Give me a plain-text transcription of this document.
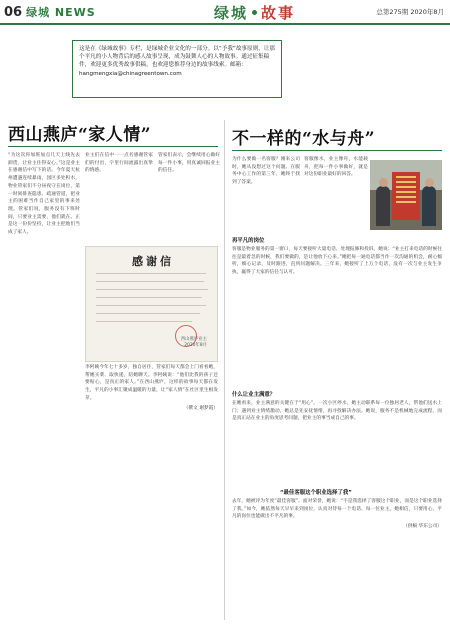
06 绿城 NEWS	绿城 故事	总第275期 2020年8月

这是在《绿城故事》专栏，是绿城企业文化的一部分。以“予我”故事原则，让那个平凡的小人物背后的感人故事呈现，成为鼓舞人心的人物故事。通过征集稿件，欢迎更多优秀故事供稿，也欢迎您推荐身边的故事线索。邮箱：hangmengxia@chinagreentown.com

西山燕庐“家人情”
“为这次你加班加点几天上线先去卸货，让业主住得安心。”这是业主在感谢信中写下的话。今年夏天杭州遭遇连续暴雨，园区多处积水，物业管家们不分昼夜守在岗位，第一时间排查隐患、疏通管道，把业主的困难当作自己家里的事来处理。管家们说，服务没有下班时间，只要业主需要，他们就在。正是这一份份坚持，让业主把他们当成了家人。
业主们在信中一一点名感谢管家们的付出，字里行间流露出真挚的情感。
管家们表示，会继续用心做好每一件小事，用真诚回报业主的信任。
感谢信
西山燕庐业主
2020年8月
李阿姨今年七十多岁，独自居住，管家们每天都会上门看看她，帮她买菜、取快递，陪她聊天。李阿姨说：“他们比我的孩子还要贴心，是真正的家人。”在西山燕庐，这样的故事每天都在发生，平凡的小事汇聚成温暖的力量，让“家人情”在社区里生根发芽。
（撰文 谢梦霞）
不一样的“水与舟”
为什么要做一名客服？刚来公司时，她从没想过这个问题。在服务中心工作的第三年，她终于找到了答案。
客服像水，业主像舟，水能载舟，把每一件小事做好，就是对这份职业最好的回答。
再平凡的岗位
客服是物业服务的第一窗口，每天要接听大量电话、处理报修和投诉。她说：“业主打来电话的时候往往是最着急的时候，我们要做的，是让他放下心来。”她把每一通电话都当作一次沟通的机会，耐心倾听，细心记录，及时跟进，直到问题解决。三年来，她接听了上万个电话，没有一次与业主发生争执，赢得了大家的信任与认可。
什么让业主满意？
在她看来，业主满意的关键在于“用心”。一次小区停水，她主动联系每一位独居老人，帮他们送水上门；遇到业主情绪激动，她总是先安抚情绪，再寻找解决办法。她说，服务不是机械地完成流程，而是真正站在业主的角度思考问题，把业主的事当成自己的事。
“最佳客服这个职业选择了我”
去年，她被评为年度“最佳客服”。面对荣誉，她说：“不是我选择了客服这个职业，而是这个职业选择了我。”如今，她依然每天早早来到岗位，认真对待每一个电话、每一位业主。她相信，只要用心，平凡的岗位也能做出不平凡的事。
（供稿 华东公司）
